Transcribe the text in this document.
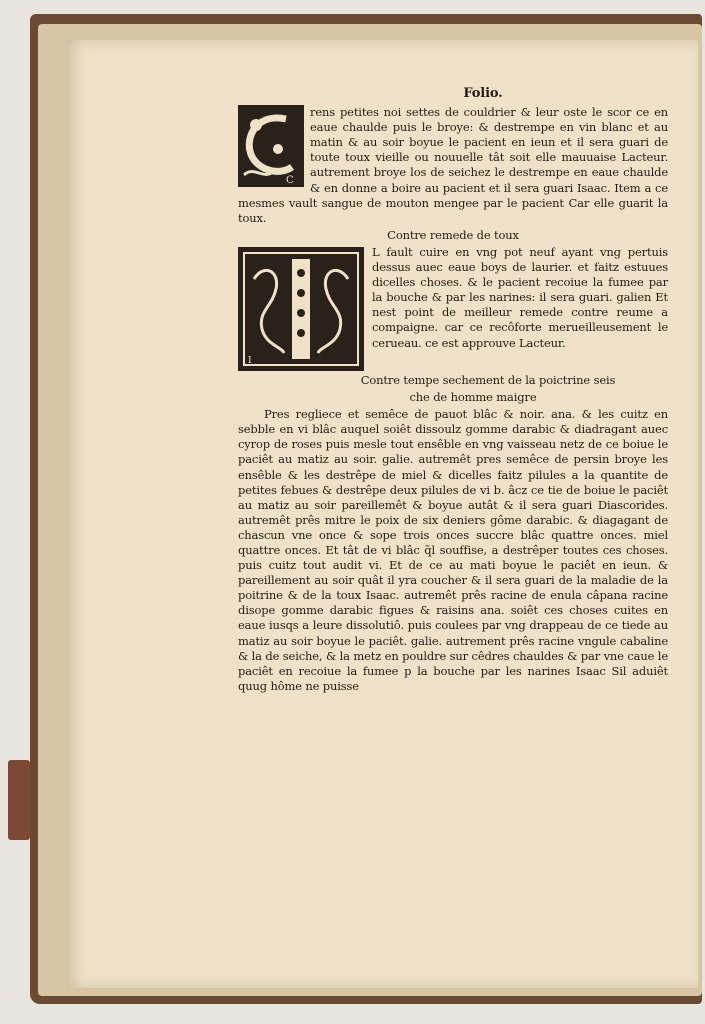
Folio.
C

rens petites noi settes de couldrier & leur oste le scor ce en eaue chaulde puis le broye: & destrempe en vin blanc et au matin & au soir boyue le pacient en ieun et il sera guari de toute toux vieille ou nouuelle tât soit elle mauuaise Lacteur. autrement broye los de seichez le destrempe en eaue chaulde & en donne a boire au pacient et il sera guari Isaac. Item a ce mesmes vault sangue de mouton mengee par le pacient Car elle guarit la toux.

Contre remede de toux
I

L fault cuire en vng pot neuf ayant vng pertuis dessus auec eaue boys de laurier. et faitz estuues dicelles choses. & le pacient recoiue la fumee par la bouche & par les narines: il sera guari. galien Et nest point de meilleur remede contre reume a compaigne. car ce recôforte merueilleusement le cerueau. ce est approuve Lacteur.

Contre tempe sechement de la poictrine seis
che de homme maigre

Pres regliece et semêce de pauot blâc & noir. ana. & les cuitz en sebble en vi blâc auquel soiêt dissoulz gomme darabic & diadragant auec cyrop de roses puis mesle tout ensêble en vng vaisseau netz de ce boiue le paciêt au matiz au soir. galie. autremêt pres semêce de persin broye les ensêble & les destrêpe de miel & dicelles faitz pilules a la quantite de petites febues & destrêpe deux pilules de vi b. âcz ce tie de boiue le paciêt au matiz au soir pareillemêt & boyue autât & il sera guari Diascorides. autremêt prês mitre le poix de six deniers gôme darabic. & diagagant de chascun vne once & sope trois onces succre blâc quattre onces. miel quattre onces. Et tât de vi blâc q̃l souffise, a destrêper toutes ces choses. puis cuitz tout audit vi. Et de ce au mati boyue le paciêt en ieun. & pareillement au soir quât il yra coucher & il sera guari de la maladie de la poitrine & de la toux Isaac. autremêt prês racine de enula câpana racine disope gomme darabic figues & raisins ana. soiêt ces choses cuites en eaue iusqs a leure dissolutiô. puis coulees par vng drappeau de ce tiede au matiz au soir boyue le paciêt. galie. autrement prês racine vngule cabaline & la de seiche, & la metz en pouldre sur cêdres chauldes & par vne caue le paciêt en recoiue la fumee p la bouche par les narines Isaac Sil aduiêt quug hôme ne puisse
